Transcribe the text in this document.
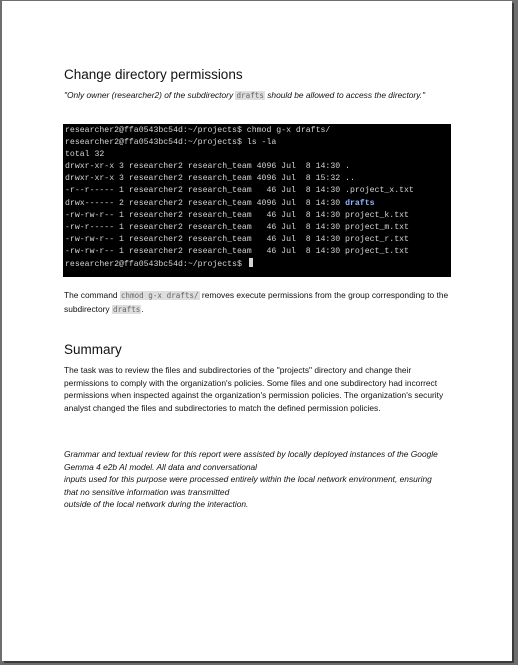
Change directory permissions
"Only owner (researcher2) of the subdirectory drafts should be allowed to access the directory."
researcher2@ffa0543bc54d:~/projects$ chmod g-x drafts/
researcher2@ffa0543bc54d:~/projects$ ls -la
total 32
drwxr-xr-x 3 researcher2 research_team 4096 Jul  8 14:30 .
drwxr-xr-x 3 researcher2 research_team 4096 Jul  8 15:32 ..
-r--r----- 1 researcher2 research_team   46 Jul  8 14:30 .project_x.txt
drwx------ 2 researcher2 research_team 4096 Jul  8 14:30 drafts
-rw-rw-r-- 1 researcher2 research_team   46 Jul  8 14:30 project_k.txt
-rw-r----- 1 researcher2 research_team   46 Jul  8 14:30 project_m.txt
-rw-rw-r-- 1 researcher2 research_team   46 Jul  8 14:30 project_r.txt
-rw-rw-r-- 1 researcher2 research_team   46 Jul  8 14:30 project_t.txt
researcher2@ffa0543bc54d:~/projects$
The command chmod g-x drafts/ removes execute permissions from the group corresponding to the subdirectory drafts.
Summary
The task was to review the files and subdirectories of the "projects" directory and change their permissions to comply with the organization's policies. Some files and one subdirectory had incorrect permissions when inspected against the organization's permission policies. The organization's security analyst changed the files and subdirectories to match the defined permission policies.
Grammar and textual review for this report were assisted by locally deployed instances of the Google Gemma 4 e2b AI model. All data and conversational
inputs used for this purpose were processed entirely within the local network environment, ensuring that no sensitive information was transmitted
outside of the local network during the interaction.
